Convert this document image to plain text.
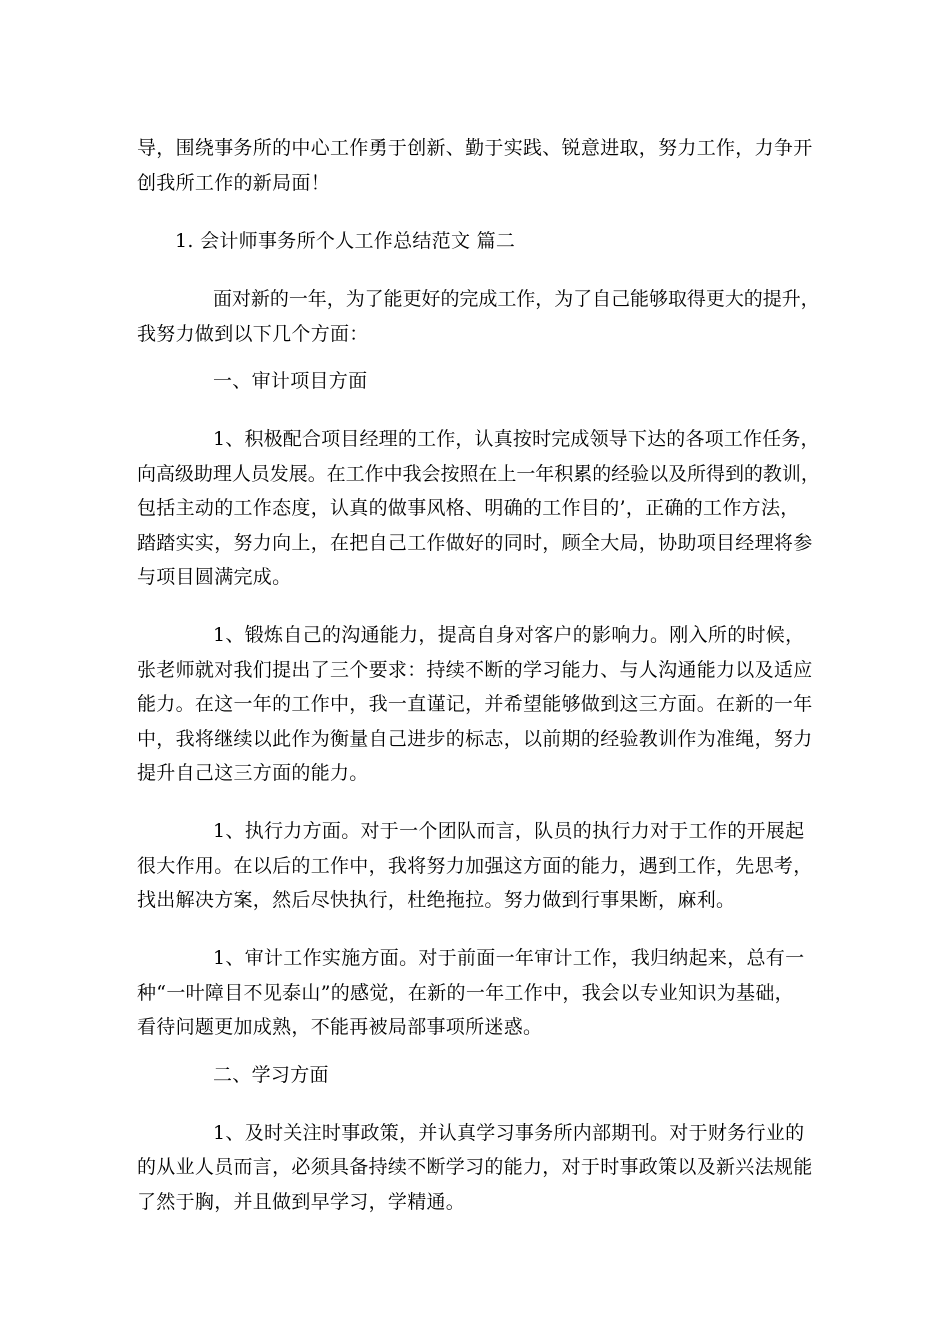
导，围绕事务所的中心工作勇于创新、勤于实践、锐意进取，努力工作，力争开
创我所工作的新局面！
1. 会计师事务所个人工作总结范文 篇二
面对新的一年，为了能更好的完成工作，为了自己能够取得更大的提升，
我努力做到以下几个方面：
一、审计项目方面
1、积极配合项目经理的工作，认真按时完成领导下达的各项工作任务，
向高级助理人员发展。在工作中我会按照在上一年积累的经验以及所得到的教训，
包括主动的工作态度，认真的做事风格、明确的工作目的’，正确的工作方法，
踏踏实实，努力向上，在把自己工作做好的同时，顾全大局，协助项目经理将参
与项目圆满完成。
1、锻炼自己的沟通能力，提高自身对客户的影响力。刚入所的时候，
张老师就对我们提出了三个要求：持续不断的学习能力、与人沟通能力以及适应
能力。在这一年的工作中，我一直谨记，并希望能够做到这三方面。在新的一年
中，我将继续以此作为衡量自己进步的标志，以前期的经验教训作为准绳，努力
提升自己这三方面的能力。
1、执行力方面。对于一个团队而言，队员的执行力对于工作的开展起
很大作用。在以后的工作中，我将努力加强这方面的能力，遇到工作，先思考，
找出解决方案，然后尽快执行，杜绝拖拉。努力做到行事果断，麻利。
1、审计工作实施方面。对于前面一年审计工作，我归纳起来，总有一
种“一叶障目不见泰山”的感觉，在新的一年工作中，我会以专业知识为基础，
看待问题更加成熟，不能再被局部事项所迷惑。
二、学习方面
1、及时关注时事政策，并认真学习事务所内部期刊。对于财务行业的
的从业人员而言，必须具备持续不断学习的能力，对于时事政策以及新兴法规能
了然于胸，并且做到早学习，学精通。
